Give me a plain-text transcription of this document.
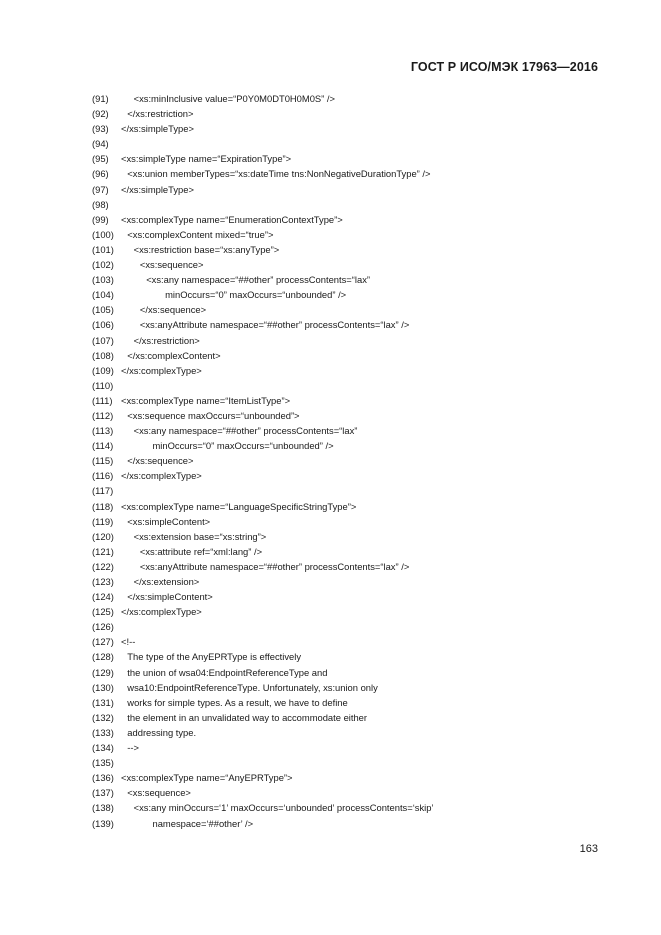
ГОСТ Р ИСО/МЭК 17963—2016
(91)	<xs:minInclusive value=“P0Y0M0DT0H0M0S” />
(92) </xs:restriction>
(93) </xs:simpleType>
(94)
(95) <xs:simpleType name=“ExpirationType”>
(96) <xs:union memberTypes=“xs:dateTime tns:NonNegativeDurationType” />
(97) </xs:simpleType>
(98)
(99) <xs:complexType name=“EnumerationContextType”>
(100) <xs:complexContent mixed=“true”>
(101) <xs:restriction base=“xs:anyType”>
(102)	<xs:sequence>
(103)	<xs:any namespace=“##other” processContents=“lax”
(104)	minOccurs=“0” maxOccurs=“unbounded” />
(105)	</xs:sequence>
(106)	<xs:anyAttribute namespace=“##other” processContents=“lax” />
(107) </xs:restriction>
(108) </xs:complexContent>
(109) </xs:complexType>
(110)
(111) <xs:complexType name=“ItemListType”>
(112) <xs:sequence maxOccurs=“unbounded”>
(113) <xs:any namespace=“##other” processContents=“lax”
(114)	minOccurs=“0” maxOccurs=“unbounded” />
(115) </xs:sequence>
(116) </xs:complexType>
(117)
(118) <xs:complexType name=“LanguageSpecificStringType”>
(119) <xs:simpleContent>
(120) <xs:extension base=“xs:string”>
(121)	<xs:attribute ref=“xml:lang” />
(122)	<xs:anyAttribute namespace=“##other” processContents=“lax” />
(123) </xs:extension>
(124) </xs:simpleContent>
(125) </xs:complexType>
(126)
(127) <!--
(128) The type of the AnyEPRType is effectively
(129) the union of wsa04:EndpointReferenceType and
(130) wsa10:EndpointReferenceType. Unfortunately, xs:union only
(131) works for simple types. As a result, we have to define
(132) the element in an unvalidated way to accommodate either
(133) addressing type.
(134) -->
(135)
(136) <xs:complexType name=“AnyEPRType”>
(137) <xs:sequence>
(138) <xs:any minOccurs=‘1’ maxOccurs=‘unbounded’ processContents=‘skip’
(139)	namespace=‘##other’ />
163
